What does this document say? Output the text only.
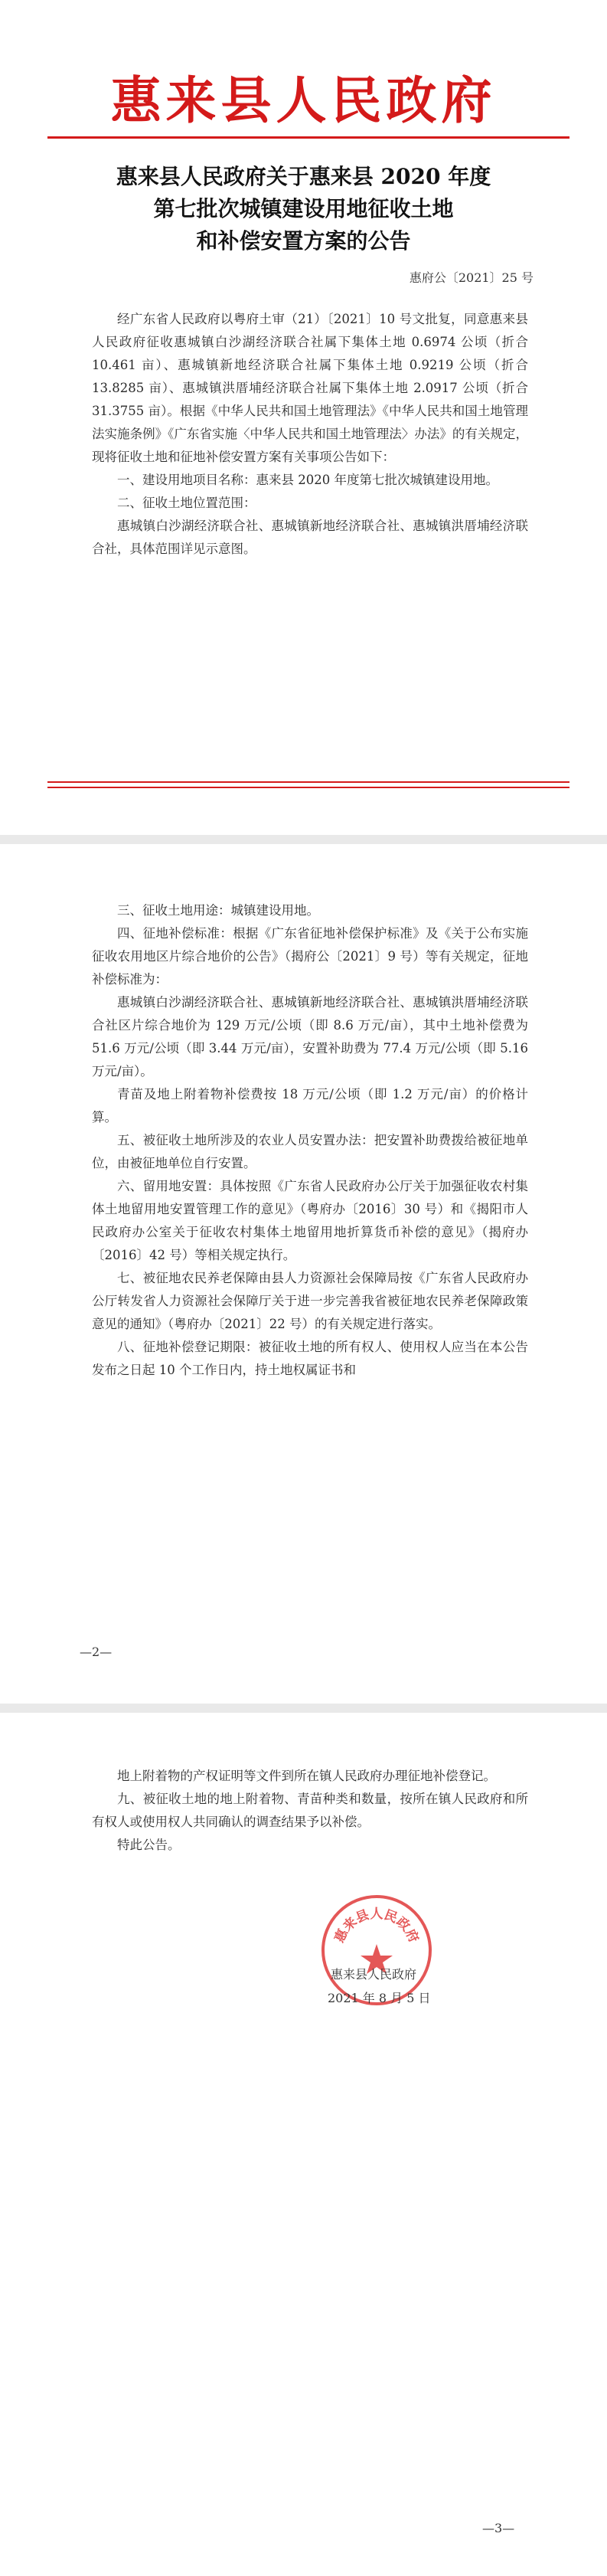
惠来县人民政府
惠来县人民政府关于惠来县 2020 年度
第七批次城镇建设用地征收土地
和补偿安置方案的公告
惠府公〔2021〕25 号

经广东省人民政府以粤府土审（21）〔2021〕10 号文批复，同意惠来县人民政府征收惠城镇白沙湖经济联合社属下集体土地 0.6974 公顷（折合 10.461 亩）、惠城镇新地经济联合社属下集体土地 0.9219 公顷（折合 13.8285 亩）、惠城镇洪厝埔经济联合社属下集体土地 2.0917 公顷（折合 31.3755 亩）。根据《中华人民共和国土地管理法》《中华人民共和国土地管理法实施条例》《广东省实施〈中华人民共和国土地管理法〉办法》的有关规定，现将征收土地和征地补偿安置方案有关事项公告如下：

一、建设用地项目名称：惠来县 2020 年度第七批次城镇建设用地。

二、征收土地位置范围：

惠城镇白沙湖经济联合社、惠城镇新地经济联合社、惠城镇洪厝埔经济联合社，具体范围详见示意图。

三、征收土地用途：城镇建设用地。

四、征地补偿标准：根据《广东省征地补偿保护标准》及《关于公布实施征收农用地区片综合地价的公告》（揭府公〔2021〕9 号）等有关规定，征地补偿标准为：

惠城镇白沙湖经济联合社、惠城镇新地经济联合社、惠城镇洪厝埔经济联合社区片综合地价为 129 万元/公顷（即 8.6 万元/亩），其中土地补偿费为 51.6 万元/公顷（即 3.44 万元/亩），安置补助费为 77.4 万元/公顷（即 5.16 万元/亩）。

青苗及地上附着物补偿费按 18 万元/公顷（即 1.2 万元/亩）的价格计算。

五、被征收土地所涉及的农业人员安置办法：把安置补助费拨给被征地单位，由被征地单位自行安置。

六、留用地安置：具体按照《广东省人民政府办公厅关于加强征收农村集体土地留用地安置管理工作的意见》（粤府办〔2016〕30 号）和《揭阳市人民政府办公室关于征收农村集体土地留用地折算货币补偿的意见》（揭府办〔2016〕42 号）等相关规定执行。

七、被征地农民养老保障由县人力资源社会保障局按《广东省人民政府办公厅转发省人力资源社会保障厅关于进一步完善我省被征地农民养老保障政策意见的通知》（粤府办〔2021〕22 号）的有关规定进行落实。

八、征地补偿登记期限：被征收土地的所有权人、使用权人应当在本公告发布之日起 10 个工作日内，持土地权属证书和

—2—

地上附着物的产权证明等文件到所在镇人民政府办理征地补偿登记。

九、被征收土地的地上附着物、青苗种类和数量，按所在镇人民政府和所有权人或使用权人共同确认的调查结果予以补偿。

特此公告。

惠来县人民政府
惠来县人民政府
2021 年 8 月 5 日
—3—
